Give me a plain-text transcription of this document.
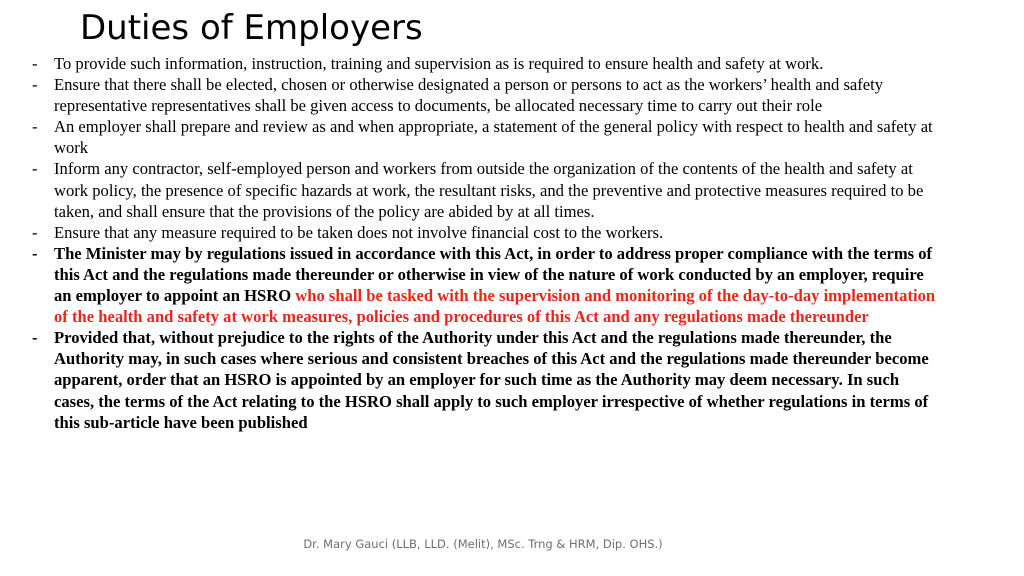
Duties of Employers
- To provide such information, instruction, training and supervision as is required to ensure health and safety at work.
- Ensure that there shall be elected, chosen or otherwise designated a person or persons to act as the workers’ health and safety representative representatives shall be given access to documents, be allocated necessary time to carry out their role
- An employer shall prepare and review as and when appropriate, a statement of the general policy with respect to health and safety at work
- Inform any contractor, self-employed person and workers from outside the organization of the contents of the health and safety at work policy, the presence of specific hazards at work, the resultant risks, and the preventive and protective measures required to be taken, and shall ensure that the provisions of the policy are abided by at all times.
- Ensure that any measure required to be taken does not involve financial cost to the workers.
- The Minister may by regulations issued in accordance with this Act, in order to address proper compliance with the terms of this Act and the regulations made thereunder or otherwise in view of the nature of work conducted by an employer, require an employer to appoint an HSRO who shall be tasked with the supervision and monitoring of the day-to-day implementation of the health and safety at work measures, policies and procedures of this Act and any regulations made thereunder
- Provided that, without prejudice to the rights of the Authority under this Act and the regulations made thereunder, the Authority may, in such cases where serious and consistent breaches of this Act and the regulations made thereunder become apparent, order that an HSRO is appointed by an employer for such time as the Authority may deem necessary. In such cases, the terms of the Act relating to the HSRO shall apply to such employer irrespective of whether regulations in terms of this sub-article have been published
Dr. Mary Gauci (LLB, LLD. (Melit), MSc. Trng & HRM, Dip. OHS.)
